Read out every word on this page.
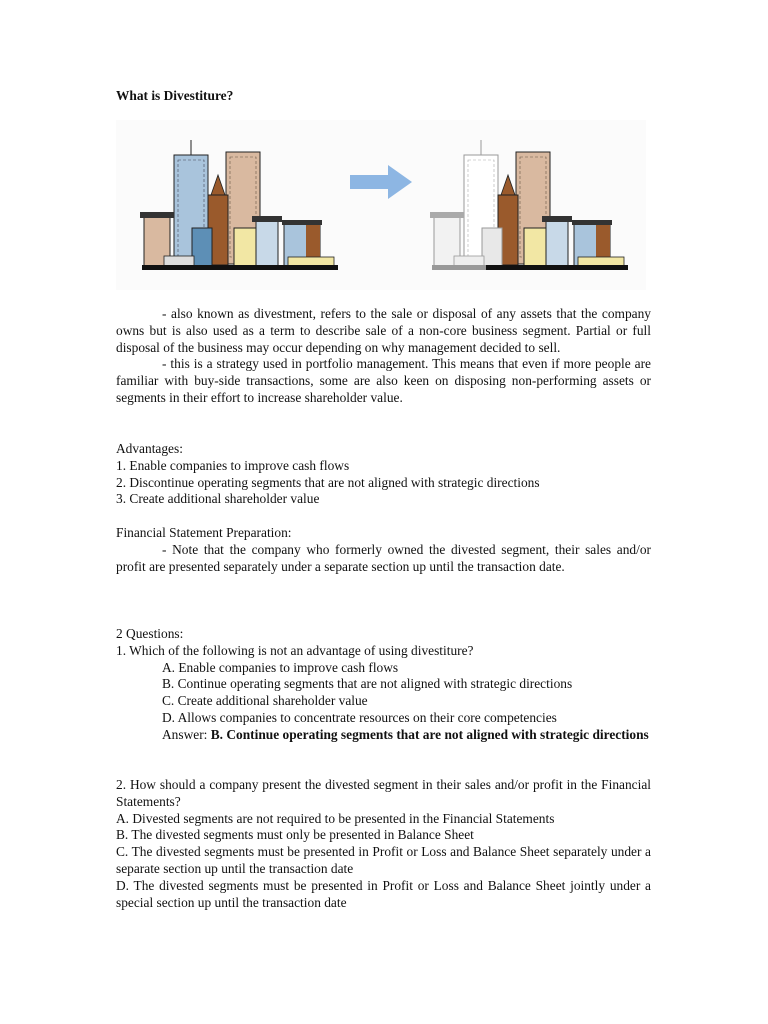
What is Divestiture?

- also known as divestment, refers to the sale or disposal of any assets that the company owns but is also used as a term to describe sale of a non-core business segment. Partial or full disposal of the business may occur depending on why management decided to sell.

- this is a strategy used in portfolio management. This means that even if more people are familiar with buy-side transactions, some are also keen on disposing non-performing assets or segments in their effort to increase shareholder value.

Advantages:

1. Enable companies to improve cash flows

2. Discontinue operating segments that are not aligned with strategic directions

3. Create additional shareholder value

Financial Statement Preparation:

- Note that the company who formerly owned the divested segment, their sales and/or profit are presented separately under a separate section up until the transaction date.

2 Questions:

1. Which of the following is not an advantage of using divestiture?

A. Enable companies to improve cash flows

B. Continue operating segments that are not aligned with strategic directions

C. Create additional shareholder value

D. Allows companies to concentrate resources on their core competencies

Answer: B. Continue operating segments that are not aligned with strategic directions

2. How should a company present the divested segment in their sales and/or profit in the Financial Statements?

A. Divested segments are not required to be presented in the Financial Statements

B. The divested segments must only be presented in Balance Sheet

C. The divested segments must be presented in Profit or Loss and Balance Sheet separately under a separate section up until the transaction date

D. The divested segments must be presented in Profit or Loss and Balance Sheet jointly under a special section up until the transaction date
